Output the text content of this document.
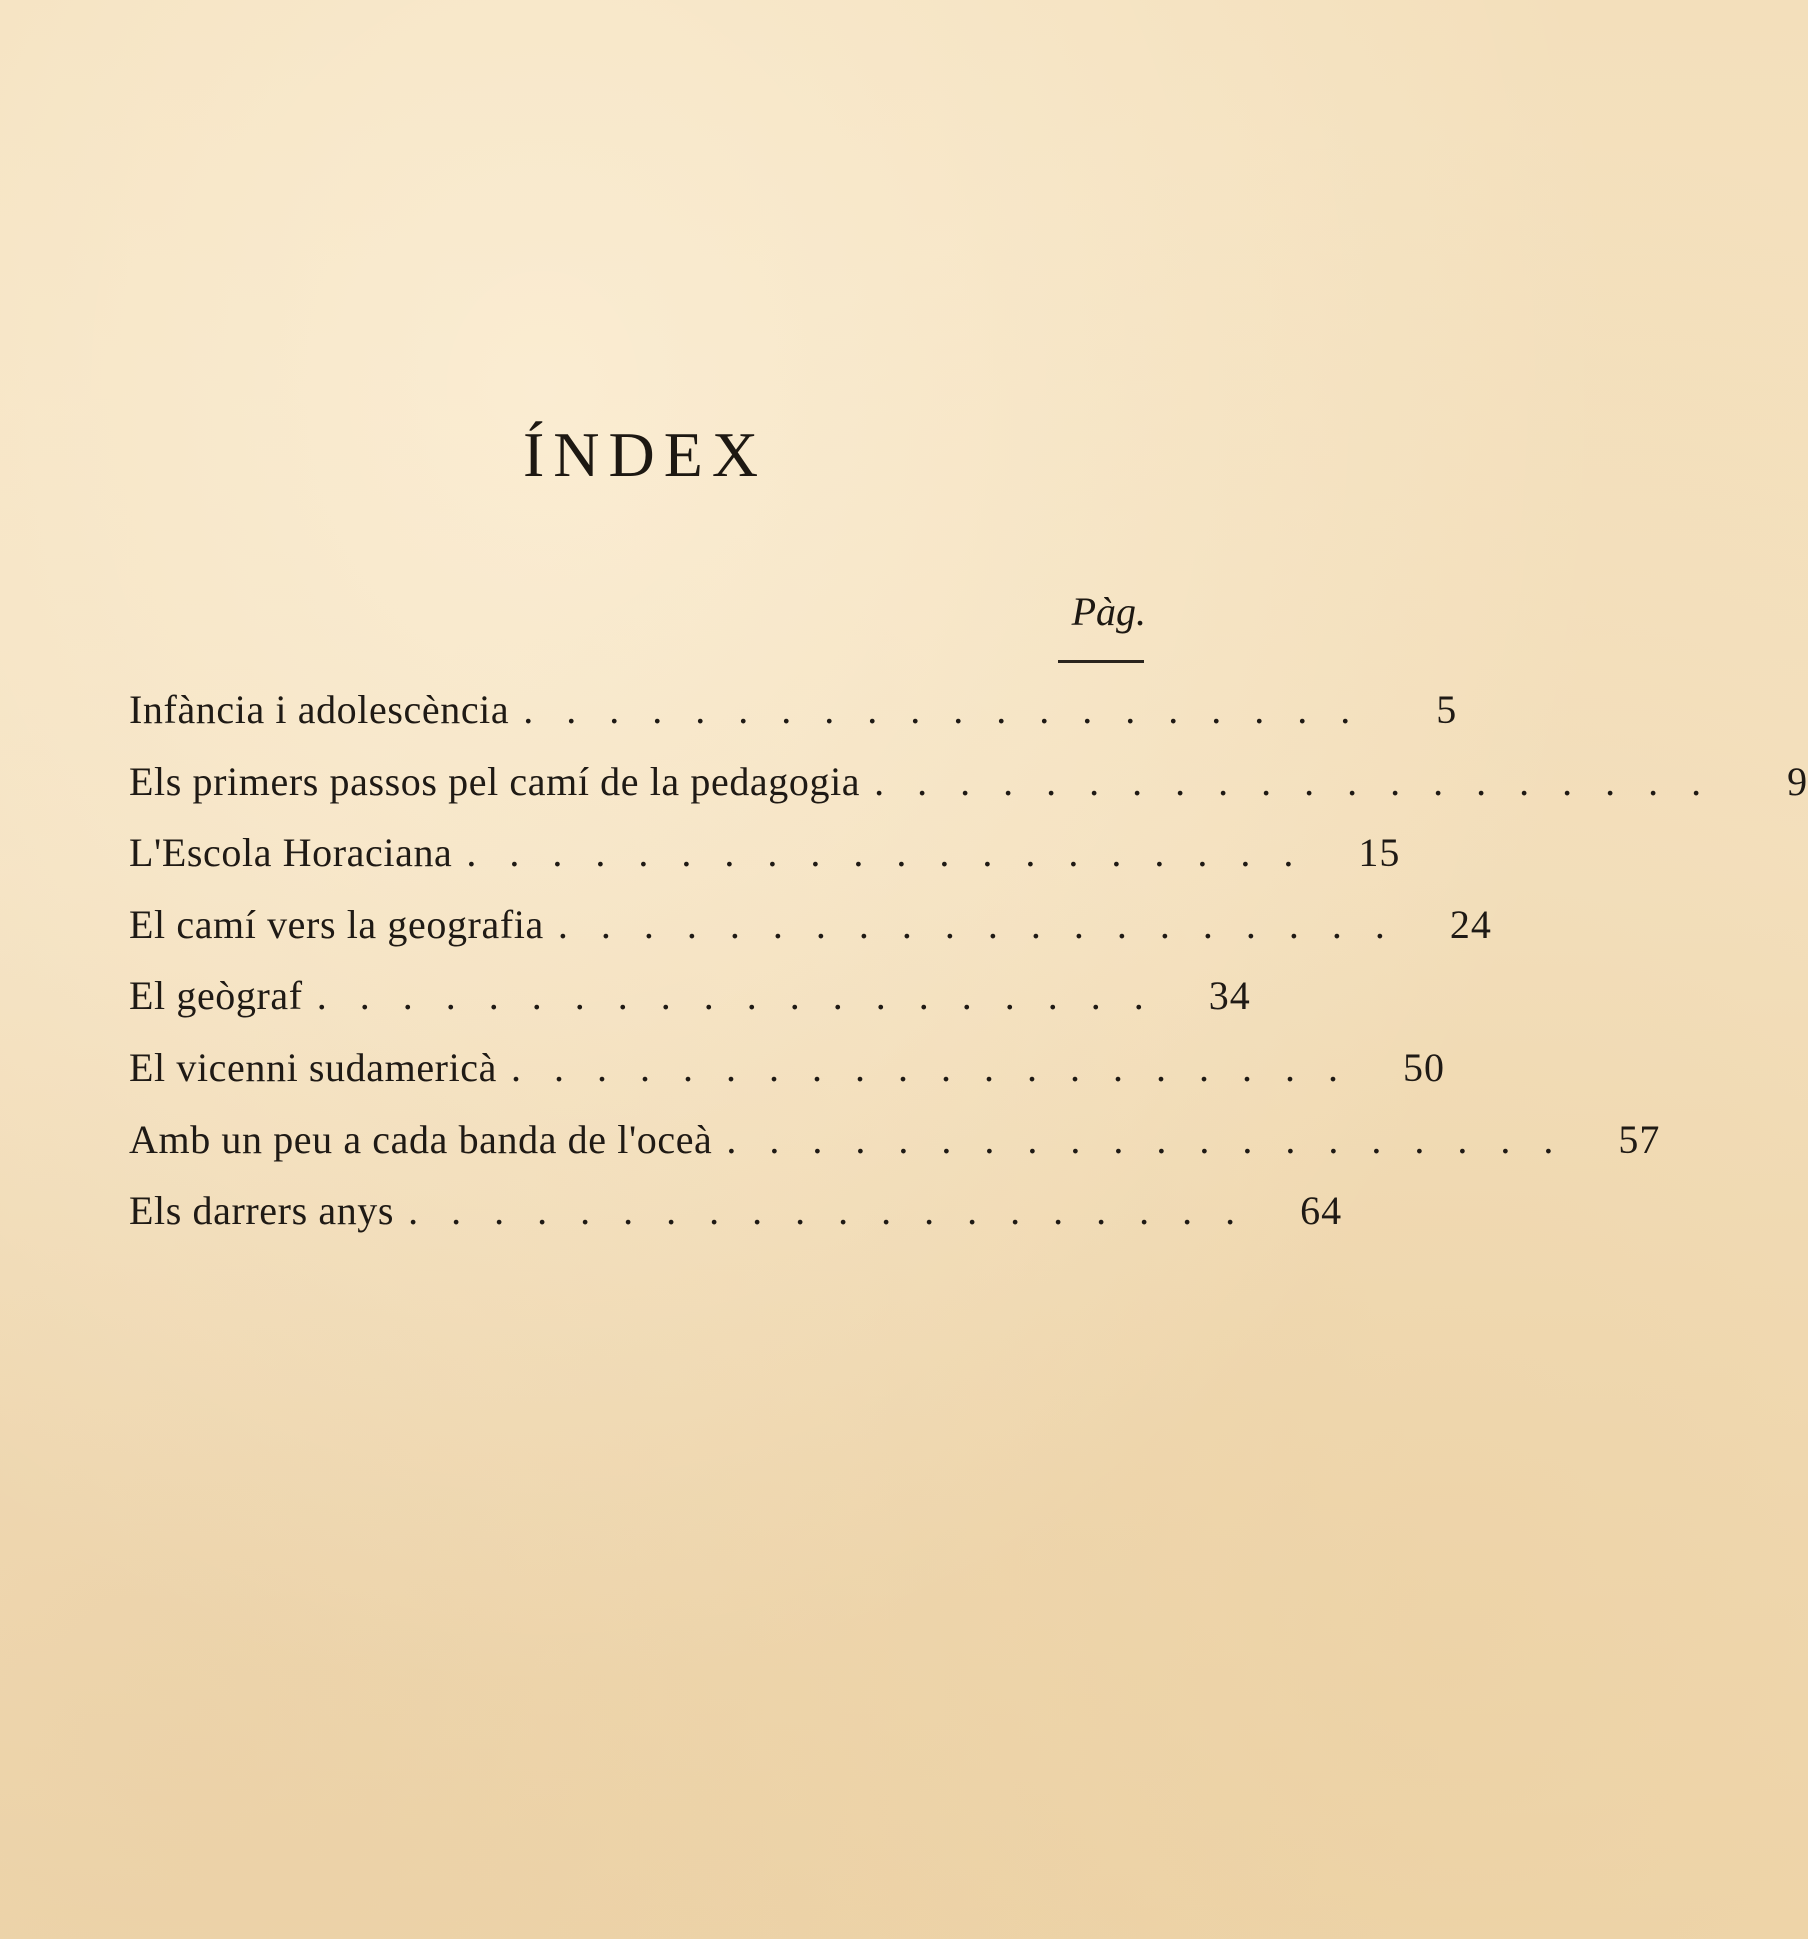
ÍNDEX
Pàg.
Infància i adolescència ....................	5
Els primers passos pel camí de la pedagogia ....................	9
L'Escola Horaciana .................... 15
El camí vers la geografia .................... 24
El geògraf .................... 34
El vicenni sudamericà .................... 50
Amb un peu a cada banda de l'oceà .................... 57
Els darrers anys .................... 64
